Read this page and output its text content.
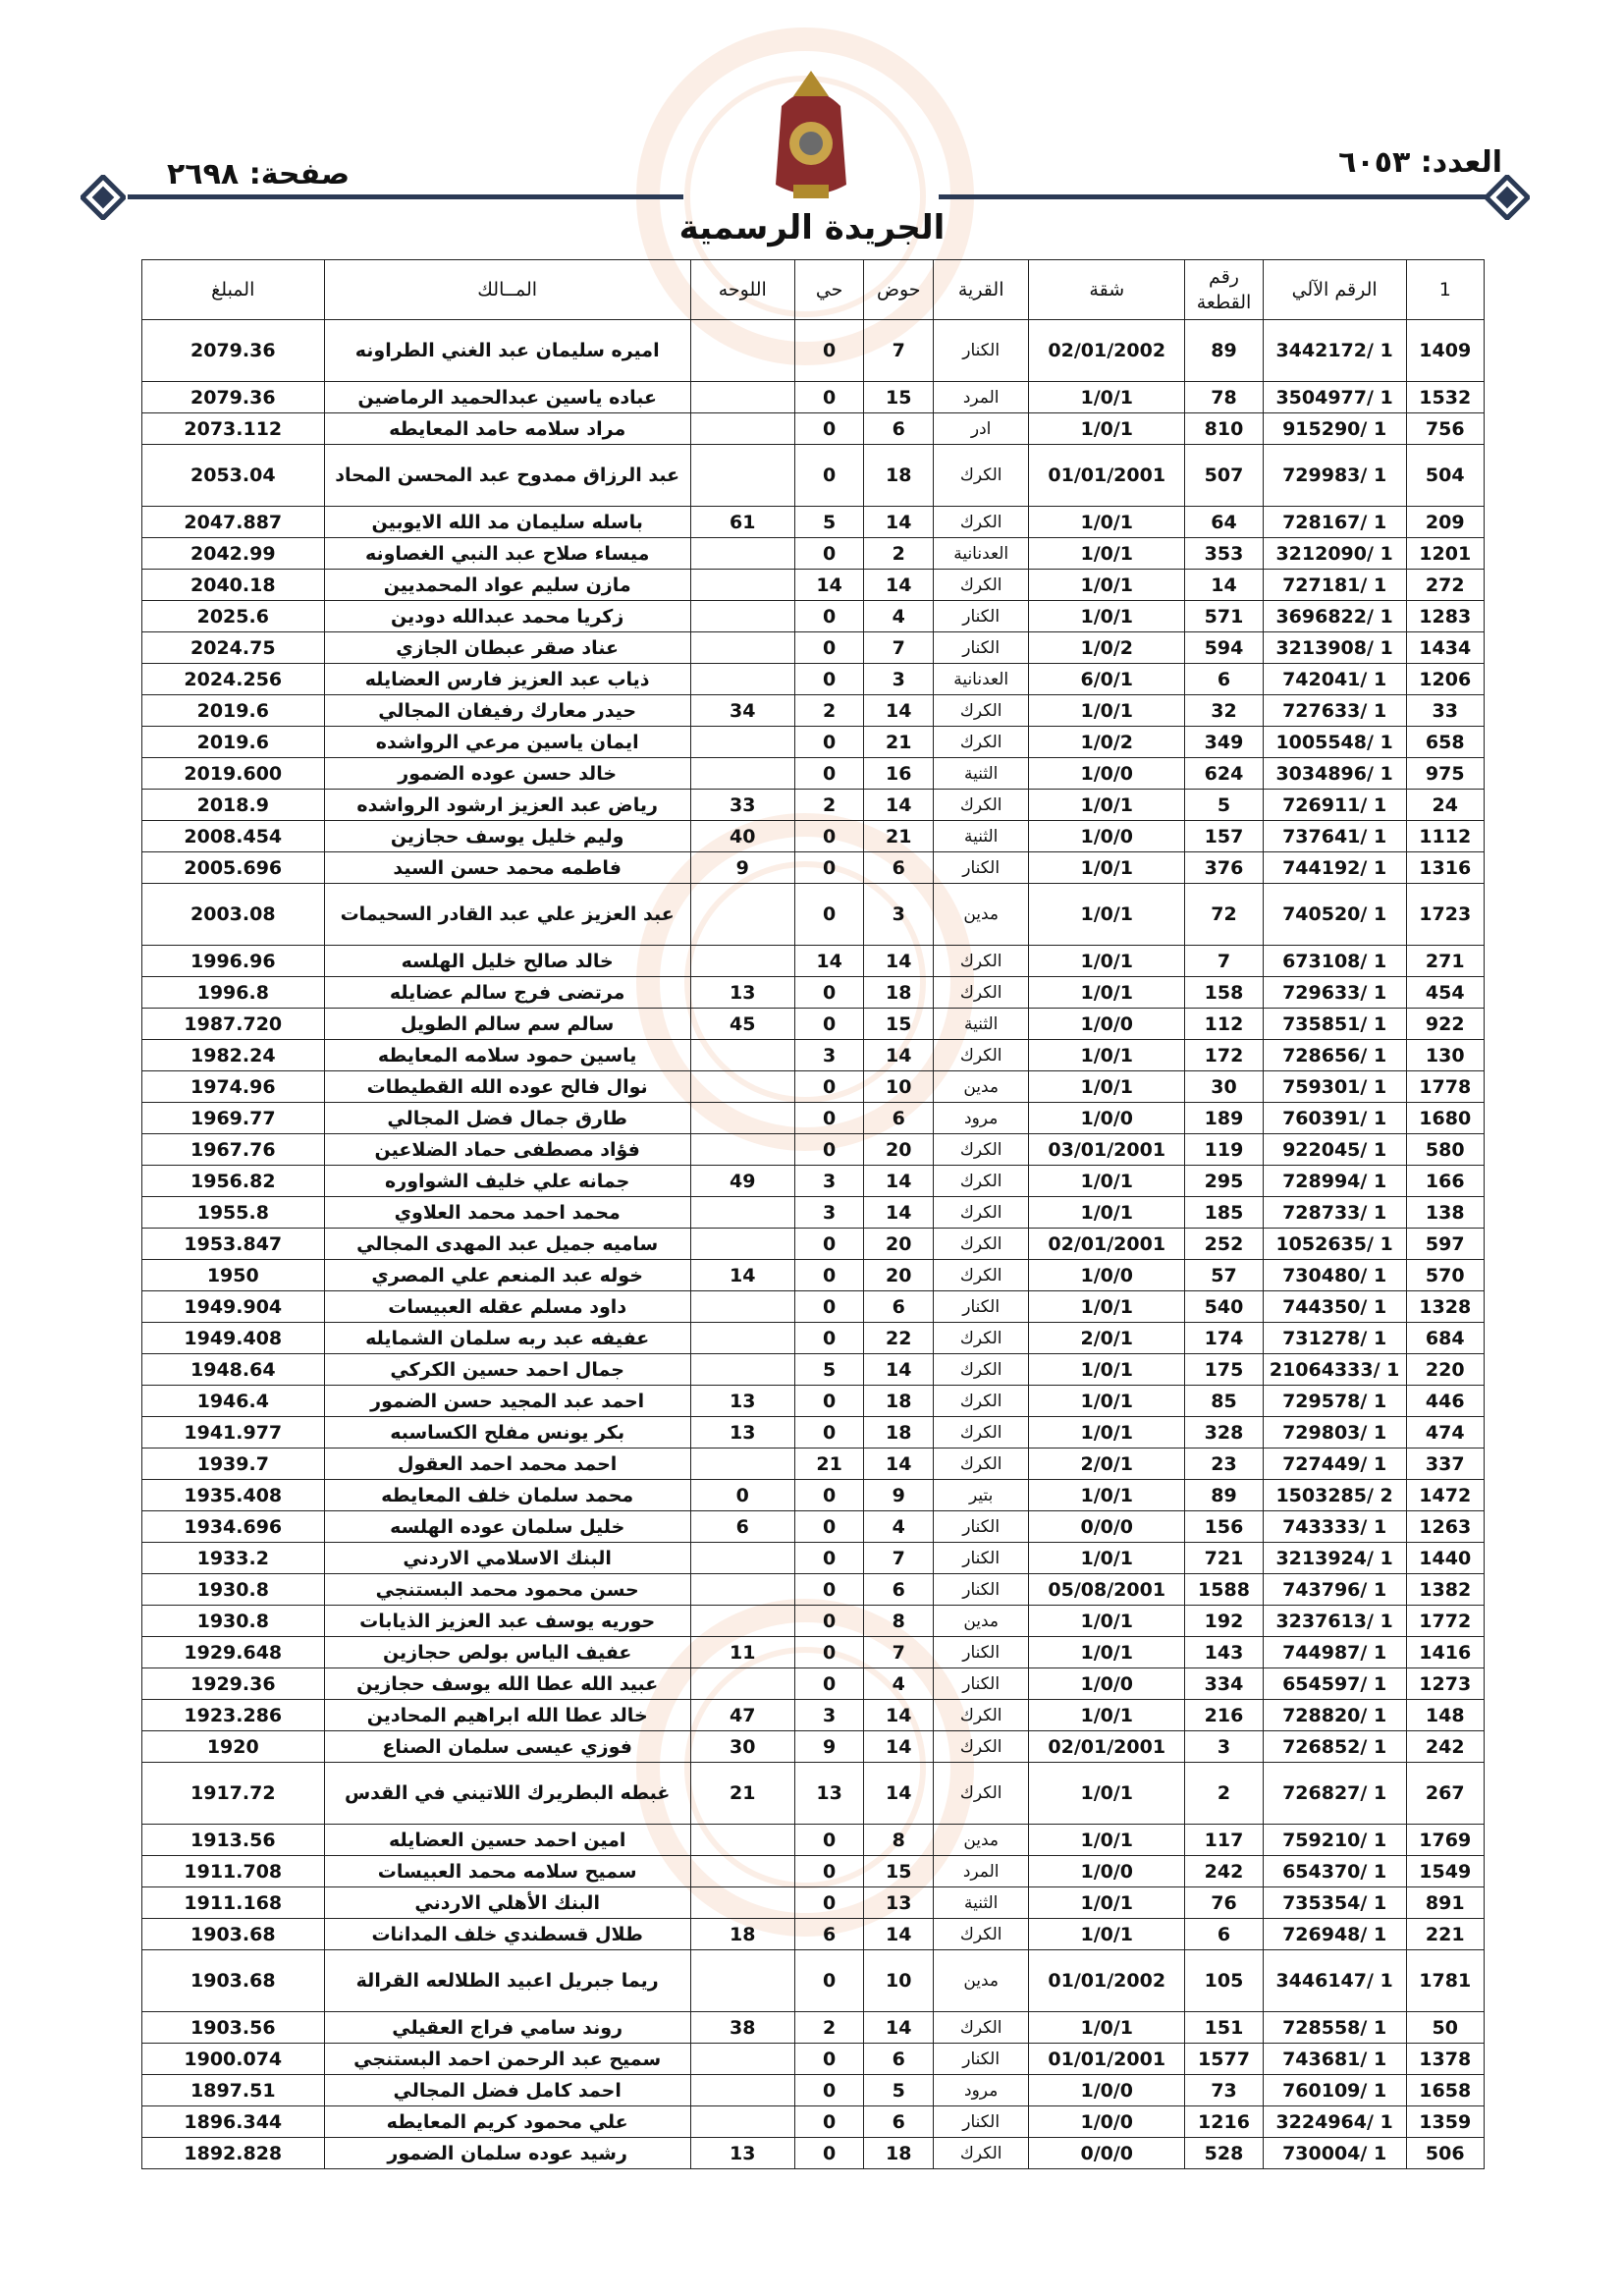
العدد: ٦٠٥٣
صفحة: ٢٦٩٨
الجريدة الرسمية
1	الرقم الآلي	رقم القطعة	شقة	القرية	حوض	حي	اللوحه	المــالك	المبلغ
1409	3442172/ 1	89	02/01/2002	الكنار	7	0		اميره سليمان عبد الغني الطراونه	2079.36
1532	3504977/ 1	78	1/0/1	المرد	15	0		عباده ياسين عبدالحميد الرماضين	2079.36
756	915290/ 1	810	1/0/1	ادر	6	0		مراد سلامه حامد المعايطه	2073.112
504	729983/ 1	507	01/01/2001	الكرك	18	0		عبد الرزاق ممدوح عبد المحسن المحاد	2053.04
209	728167/ 1	64	1/0/1	الكرك	14	5	61	باسله سليمان مد الله الايوبين	2047.887
1201	3212090/ 1	353	1/0/1	العدنانية	2	0		ميساء صلاح عبد النبي الغصاونه	2042.99
272	727181/ 1	14	1/0/1	الكرك	14	14		مازن سليم عواد المحمديين	2040.18
1283	3696822/ 1	571	1/0/1	الكنار	4	0		زكريا محمد عبدالله دودين	2025.6
1434	3213908/ 1	594	1/0/2	الكنار	7	0		عناد صقر عبطان الجازي	2024.75
1206	742041/ 1	6	6/0/1	العدنانية	3	0		ذياب عبد العزيز فارس العضايله	2024.256
33	727633/ 1	32	1/0/1	الكرك	14	2	34	حيدر معارك رفيفان المجالي	2019.6
658	1005548/ 1	349	1/0/2	الكرك	21	0		ايمان ياسين مرعي الرواشده	2019.6
975	3034896/ 1	624	1/0/0	الثنية	16	0		خالد حسن عوده الضمور	2019.600
24	726911/ 1	5	1/0/1	الكرك	14	2	33	رياض عبد العزيز ارشود الرواشده	2018.9
1112	737641/ 1	157	1/0/0	الثنية	21	0	40	وليم خليل يوسف حجازين	2008.454
1316	744192/ 1	376	1/0/1	الكنار	6	0	9	فاطمه محمد حسن السيد	2005.696
1723	740520/ 1	72	1/0/1	مدين	3	0		عبد العزيز علي عبد القادر السحيمات	2003.08
271	673108/ 1	7	1/0/1	الكرك	14	14		خالد صالح خليل الهلسه	1996.96
454	729633/ 1	158	1/0/1	الكرك	18	0	13	مرتضى فرج سالم عضايله	1996.8
922	735851/ 1	112	1/0/0	الثنية	15	0	45	سالم سم سالم الطويل	1987.720
130	728656/ 1	172	1/0/1	الكرك	14	3		ياسين حمود سلامه المعايطه	1982.24
1778	759301/ 1	30	1/0/1	مدين	10	0		نوال فالح عوده الله القطيطات	1974.96
1680	760391/ 1	189	1/0/0	مرود	6	0		طارق جمال فضل المجالي	1969.77
580	922045/ 1	119	03/01/2001	الكرك	20	0		فؤاد مصطفى حماد الضلاعين	1967.76
166	728994/ 1	295	1/0/1	الكرك	14	3	49	جمانه علي خليف الشواوره	1956.82
138	728733/ 1	185	1/0/1	الكرك	14	3		محمد احمد محمد العلاوي	1955.8
597	1052635/ 1	252	02/01/2001	الكرك	20	0		ساميه جميل عبد المهدى المجالي	1953.847
570	730480/ 1	57	1/0/0	الكرك	20	0	14	خوله عبد المنعم علي المصري	1950
1328	744350/ 1	540	1/0/1	الكنار	6	0		داود مسلم عقله العبيسات	1949.904
684	731278/ 1	174	2/0/1	الكرك	22	0		عفيفه عبد ربه سلمان الشمايله	1949.408
220	21064333/ 1	175	1/0/1	الكرك	14	5		جمال احمد حسين الكركي	1948.64
446	729578/ 1	85	1/0/1	الكرك	18	0	13	احمد عبد المجيد حسن الضمور	1946.4
474	729803/ 1	328	1/0/1	الكرك	18	0	13	بكر يونس مفلح الكساسبه	1941.977
337	727449/ 1	23	2/0/1	الكرك	14	21		احمد محمد احمد العقول	1939.7
1472	1503285/ 2	89	1/0/1	بتير	9	0	0	محمد سلمان خلف المعايطه	1935.408
1263	743333/ 1	156	0/0/0	الكنار	4	0	6	خليل سلمان عوده الهلسه	1934.696
1440	3213924/ 1	721	1/0/1	الكنار	7	0		البنك الاسلامي الاردني	1933.2
1382	743796/ 1	1588	05/08/2001	الكنار	6	0		حسن محمود محمد البستنجي	1930.8
1772	3237613/ 1	192	1/0/1	مدين	8	0		حوريه يوسف عبد العزيز الذيابات	1930.8
1416	744987/ 1	143	1/0/1	الكنار	7	0	11	عفيف الياس بولص حجازين	1929.648
1273	654597/ 1	334	1/0/0	الكنار	4	0		عبيد الله عطا الله يوسف حجازين	1929.36
148	728820/ 1	216	1/0/1	الكرك	14	3	47	خالد عطا الله ابراهيم المحادين	1923.286
242	726852/ 1	3	02/01/2001	الكرك	14	9	30	فوزي عيسى سلمان الصناع	1920
267	726827/ 1	2	1/0/1	الكرك	14	13	21	غبطه البطريرك اللاتيني في القدس	1917.72
1769	759210/ 1	117	1/0/1	مدين	8	0		امين احمد حسين العضايله	1913.56
1549	654370/ 1	242	1/0/0	المرد	15	0		سميح سلامه محمد العبيسات	1911.708
891	735354/ 1	76	1/0/1	الثنية	13	0		البنك الأهلي الاردني	1911.168
221	726948/ 1	6	1/0/1	الكرك	14	6	18	طلال قسطندي خلف المدانات	1903.68
1781	3446147/ 1	105	01/01/2002	مدين	10	0		ريما جبريل اعبيد الطلالعه القرالة	1903.68
50	728558/ 1	151	1/0/1	الكرك	14	2	38	روند سامي فراج العقيلي	1903.56
1378	743681/ 1	1577	01/01/2001	الكنار	6	0		سميح عبد الرحمن احمد البستنجي	1900.074
1658	760109/ 1	73	1/0/0	مرود	5	0		احمد كامل فضل المجالي	1897.51
1359	3224964/ 1	1216	1/0/0	الكنار	6	0		علي محمود كريم المعايطه	1896.344
506	730004/ 1	528	0/0/0	الكرك	18	0	13	رشيد عوده سلمان الضمور	1892.828
